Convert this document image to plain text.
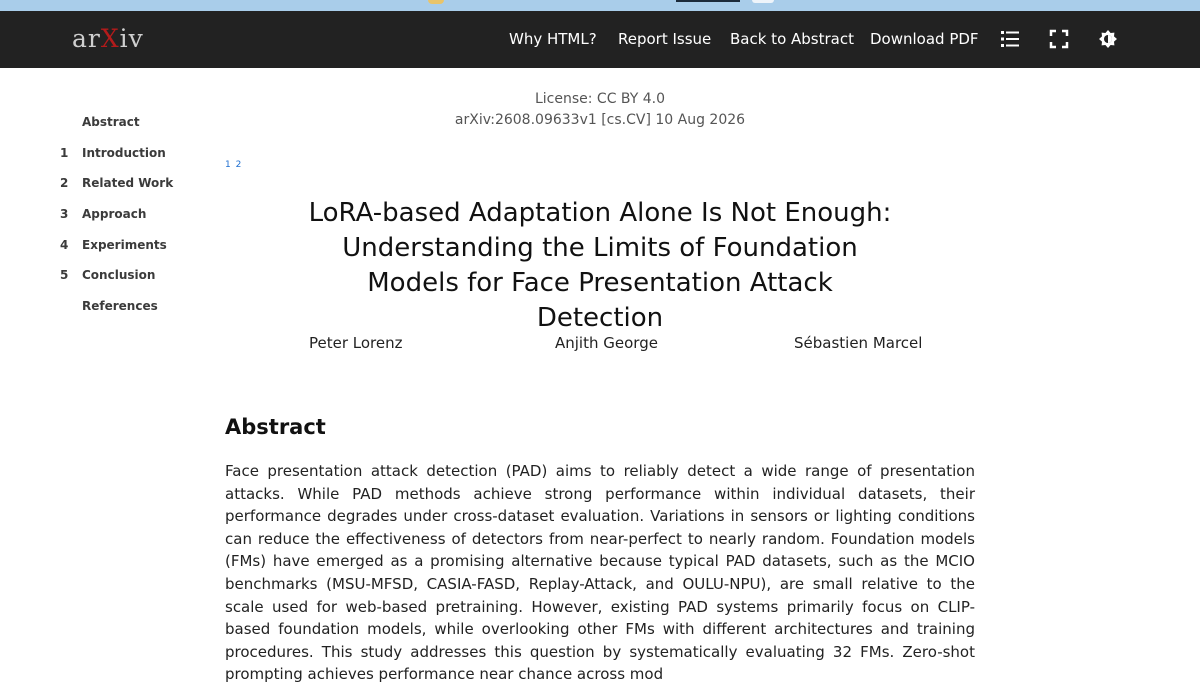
arXiv	Why HTML? Report Issue Back to Abstract Download PDF
Abstract
1	Introduction
2	Related Work
3	Approach
4	Experiments
5	Conclusion
References
License: CC BY 4.0
arXiv:2608.09633v1 [cs.CV] 10 Aug 2026
1 2
LoRA-based Adaptation Alone Is Not Enough:
Understanding the Limits of Foundation
Models for Face Presentation Attack Detection
Peter Lorenz	Anjith George	Sébastien Marcel
Abstract

Face presentation attack detection (PAD) aims to reliably detect a wide range of presentation attacks. While PAD methods achieve strong performance within individual datasets, their performance degrades under cross-dataset evaluation. Variations in sensors or lighting conditions can reduce the effectiveness of detectors from near-perfect to nearly random. Foundation models (FMs) have emerged as a promising alternative because typical PAD datasets, such as the MCIO benchmarks (MSU-MFSD, CASIA-FASD, Replay-Attack, and OULU-NPU), are small relative to the scale used for web-based pretraining. However, existing PAD systems primarily focus on CLIP-based foundation models, while overlooking other FMs with different architectures and training procedures. This study addresses this question by systematically evaluating 32 FMs. Zero-shot prompting achieves performance near chance across mod
